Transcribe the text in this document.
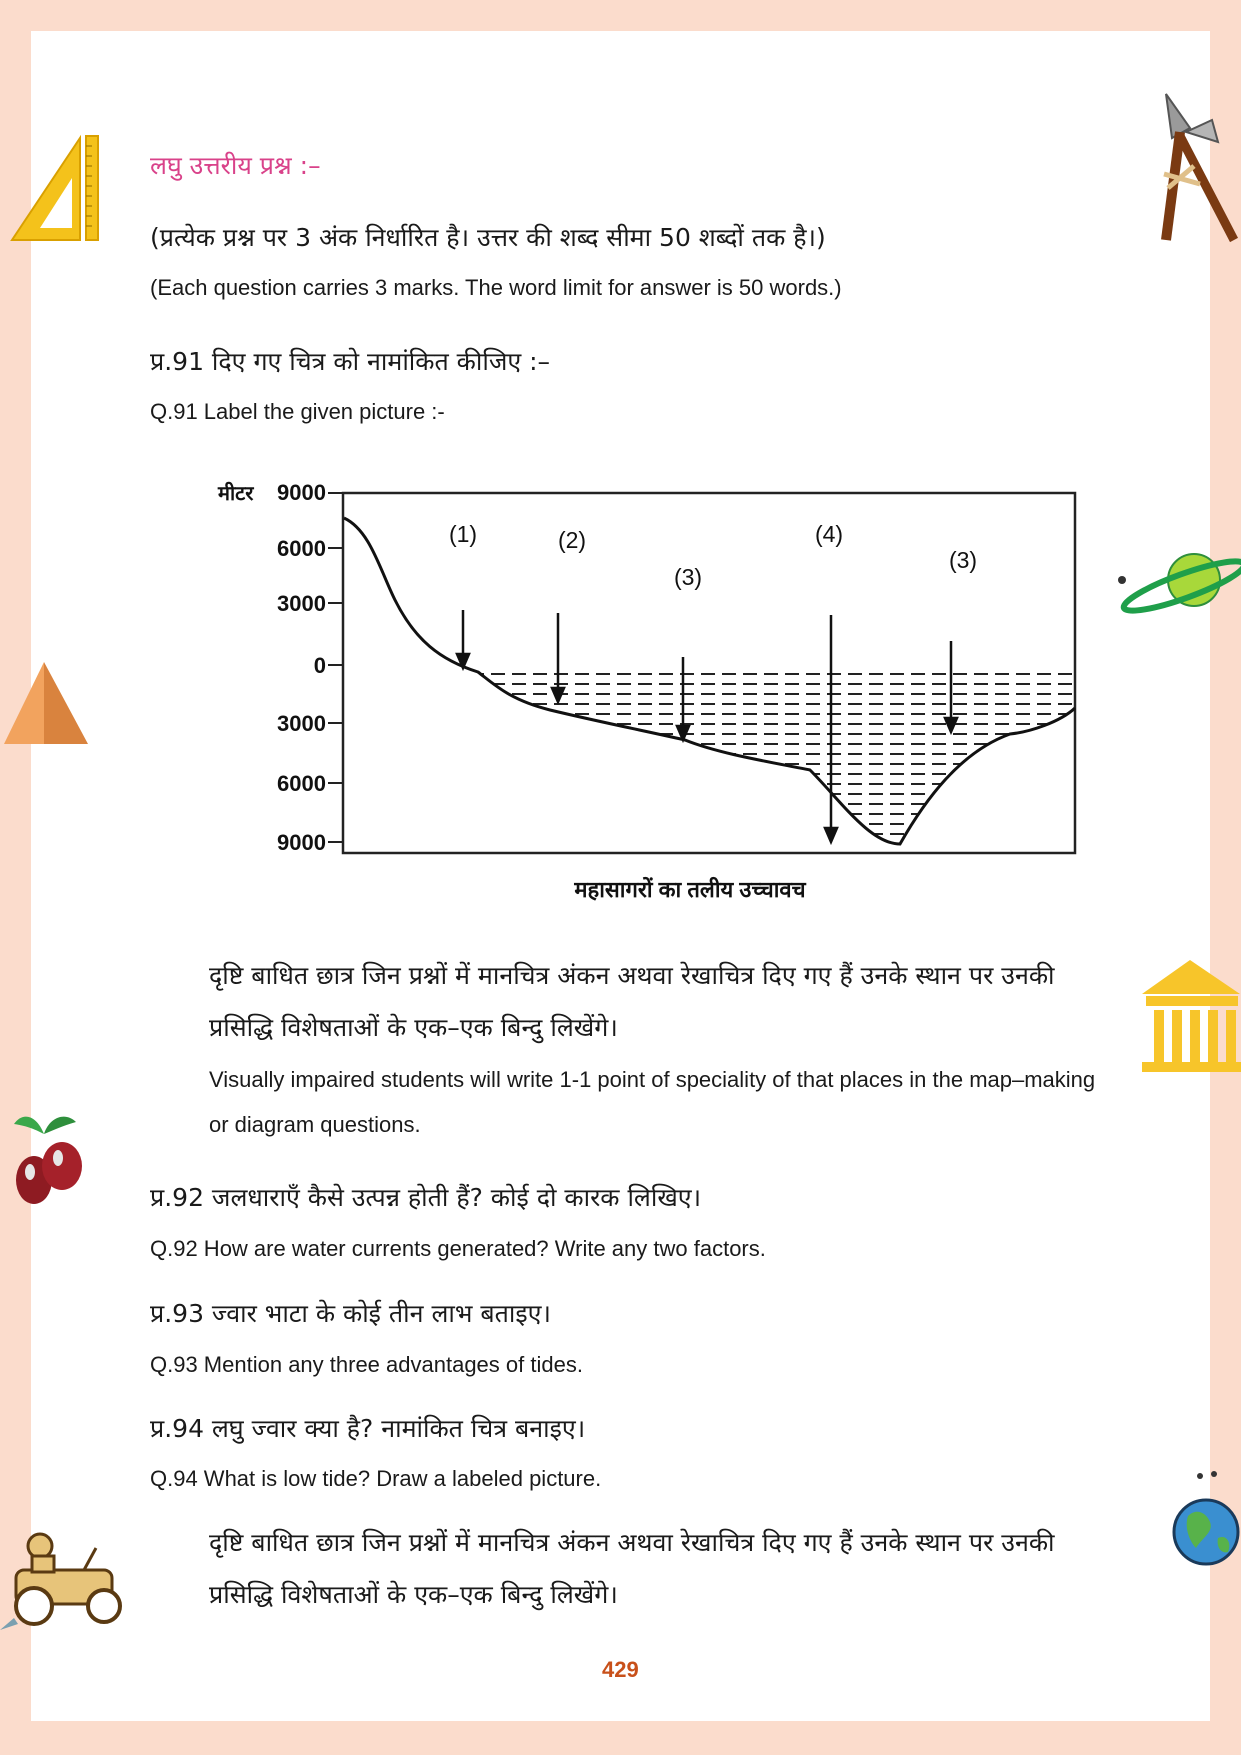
लघु उत्तरीय प्रश्न :–

(प्रत्येक प्रश्न पर 3 अंक निर्धारित है। उत्तर की शब्द सीमा 50 शब्दों तक है।)

(Each question carries 3 marks. The word limit for answer is 50 words.)

प्र.91 दिए गए चित्र को नामांकित कीजिए :–

Q.91 Label the given picture :-

9000
6000
3000
0
3000
6000
9000
मीटर
(1)	(2)
(3)
(4)
(3)
महासागरों का तलीय उच्चावच

दृष्टि बाधित छात्र जिन प्रश्नों में मानचित्र अंकन अथवा रेखाचित्र दिए गए हैं उनके स्थान पर उनकी प्रसिद्धि विशेषताओं के एक–एक बिन्दु लिखेंगे।

Visually impaired students will write 1-1 point of speciality of that places in the map–making or diagram questions.

प्र.92 जलधाराएँ कैसे उत्पन्न होती हैं? कोई दो कारक लिखिए।

Q.92 How are water currents generated? Write any two factors.

प्र.93 ज्वार भाटा के कोई तीन लाभ बताइए।

Q.93 Mention any three advantages of tides.

प्र.94 लघु ज्वार क्या है? नामांकित चित्र बनाइए।

Q.94 What is low tide? Draw a labeled picture.

दृष्टि बाधित छात्र जिन प्रश्नों में मानचित्र अंकन अथवा रेखाचित्र दिए गए हैं उनके स्थान पर उनकी प्रसिद्धि विशेषताओं के एक–एक बिन्दु लिखेंगे।

429
